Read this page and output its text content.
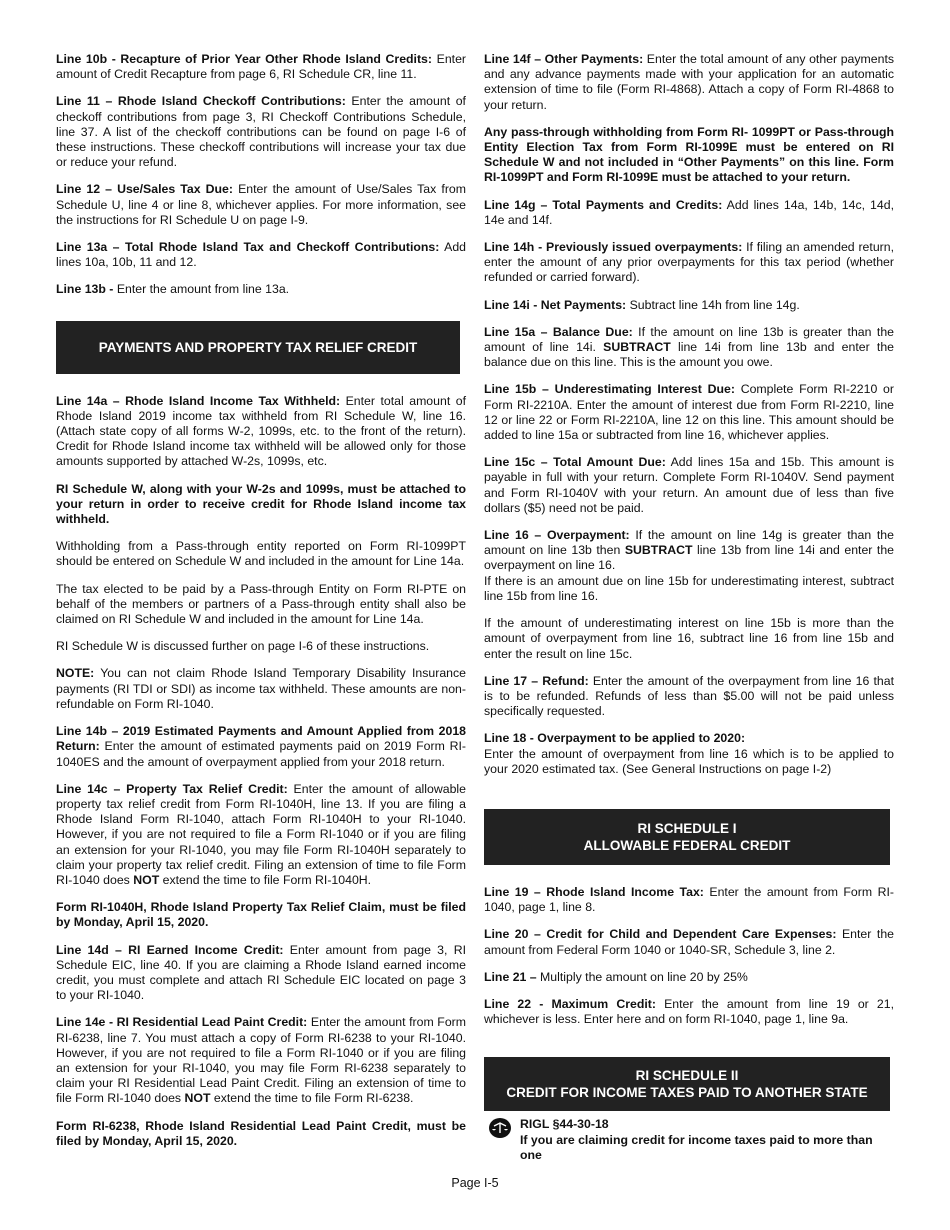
Line 10b - Recapture of Prior Year Other Rhode Island Credits: Enter amount of Credit Recapture from page 6, RI Schedule CR, line 11.

Line 11 – Rhode Island Checkoff Contributions: Enter the amount of checkoff contributions from page 3, RI Checkoff Contributions Schedule, line 37. A list of the checkoff contributions can be found on page I-6 of these instructions. These checkoff contributions will increase your tax due or reduce your refund.

Line 12 – Use/Sales Tax Due: Enter the amount of Use/Sales Tax from Schedule U, line 4 or line 8, whichever applies. For more information, see the instructions for RI Schedule U on page I-9.

Line 13a – Total Rhode Island Tax and Checkoff Contributions: Add lines 10a, 10b, 11 and 12.

Line 13b - Enter the amount from line 13a.

PAYMENTS AND PROPERTY TAX RELIEF CREDIT

Line 14a – Rhode Island Income Tax Withheld: Enter total amount of Rhode Island 2019 income tax withheld from RI Schedule W, line 16. (Attach state copy of all forms W-2, 1099s, etc. to the front of the return). Credit for Rhode Island income tax withheld will be allowed only for those amounts supported by attached W-2s, 1099s, etc.

RI Schedule W, along with your W-2s and 1099s, must be attached to your return in order to receive credit for Rhode Island income tax withheld.

Withholding from a Pass-through entity reported on Form RI-1099PT should be entered on Schedule W and included in the amount for Line 14a.

The tax elected to be paid by a Pass-through Entity on Form RI-PTE on behalf of the members or partners of a Pass-through entity shall also be claimed on RI Schedule W and included in the amount for Line 14a.

RI Schedule W is discussed further on page I-6 of these instructions.

NOTE: You can not claim Rhode Island Temporary Disability Insurance payments (RI TDI or SDI) as income tax withheld. These amounts are non-refundable on Form RI-1040.

Line 14b – 2019 Estimated Payments and Amount Applied from 2018 Return: Enter the amount of estimated payments paid on 2019 Form RI-1040ES and the amount of overpayment applied from your 2018 return.

Line 14c – Property Tax Relief Credit: Enter the amount of allowable property tax relief credit from Form RI-1040H, line 13. If you are filing a Rhode Island Form RI-1040, attach Form RI-1040H to your RI-1040. However, if you are not required to file a Form RI-1040 or if you are filing an extension for your RI-1040, you may file Form RI-1040H separately to claim your property tax relief credit. Filing an extension of time to file Form RI-1040 does NOT extend the time to file Form RI-1040H.

Form RI-1040H, Rhode Island Property Tax Relief Claim, must be filed by Monday, April 15, 2020.

Line 14d – RI Earned Income Credit: Enter amount from page 3, RI Schedule EIC, line 40. If you are claiming a Rhode Island earned income credit, you must complete and attach RI Schedule EIC located on page 3 to your RI-1040.

Line 14e - RI Residential Lead Paint Credit: Enter the amount from Form RI-6238, line 7. You must attach a copy of Form RI-6238 to your RI-1040. However, if you are not required to file a Form RI-1040 or if you are filing an extension for your RI-1040, you may file Form RI-6238 separately to claim your RI Residential Lead Paint Credit. Filing an extension of time to file Form RI-1040 does NOT extend the time to file Form RI-6238.

Form RI-6238, Rhode Island Residential Lead Paint Credit, must be filed by Monday, April 15, 2020.

Line 14f – Other Payments: Enter the total amount of any other payments and any advance payments made with your application for an automatic extension of time to file (Form RI-4868). Attach a copy of Form RI-4868 to your return.

Any pass-through withholding from Form RI- 1099PT or Pass-through Entity Election Tax from Form RI-1099E must be entered on RI Schedule W and not included in “Other Payments” on this line. Form RI-1099PT and Form RI-1099E must be attached to your return.

Line 14g – Total Payments and Credits: Add lines 14a, 14b, 14c, 14d, 14e and 14f.

Line 14h - Previously issued overpayments: If filing an amended return, enter the amount of any prior overpayments for this tax period (whether refunded or carried forward).

Line 14i - Net Payments: Subtract line 14h from line 14g.

Line 15a – Balance Due: If the amount on line 13b is greater than the amount of line 14i. SUBTRACT line 14i from line 13b and enter the balance due on this line. This is the amount you owe.

Line 15b – Underestimating Interest Due: Complete Form RI-2210 or Form RI-2210A. Enter the amount of interest due from Form RI-2210, line 12 or line 22 or Form RI-2210A, line 12 on this line. This amount should be added to line 15a or subtracted from line 16, whichever applies.

Line 15c – Total Amount Due: Add lines 15a and 15b. This amount is payable in full with your return. Complete Form RI-1040V. Send payment and Form RI-1040V with your return. An amount due of less than five dollars ($5) need not be paid.

Line 16 – Overpayment: If the amount on line 14g is greater than the amount on line 13b then SUBTRACT line 13b from line 14i and enter the overpayment on line 16.
If there is an amount due on line 15b for underestimating interest, subtract line 15b from line 16.

If the amount of underestimating interest on line 15b is more than the amount of overpayment from line 16, subtract line 16 from line 15b and enter the result on line 15c.

Line 17 – Refund: Enter the amount of the overpayment from line 16 that is to be refunded. Refunds of less than $5.00 will not be paid unless specifically requested.

Line 18 - Overpayment to be applied to 2020:
Enter the amount of overpayment from line 16 which is to be applied to your 2020 estimated tax. (See General Instructions on page I-2)

RI SCHEDULE I
ALLOWABLE FEDERAL CREDIT

Line 19 – Rhode Island Income Tax: Enter the amount from Form RI-1040, page 1, line 8.

Line 20 – Credit for Child and Dependent Care Expenses: Enter the amount from Federal Form 1040 or 1040-SR, Schedule 3, line 2.

Line 21 – Multiply the amount on line 20 by 25%

Line 22 - Maximum Credit: Enter the amount from line 19 or 21, whichever is less. Enter here and on form RI-1040, page 1, line 9a.

RI SCHEDULE II
CREDIT FOR INCOME TAXES PAID TO ANOTHER STATE
RIGL §44-30-18
If you are claiming credit for income taxes paid to more than one
Page I-5
